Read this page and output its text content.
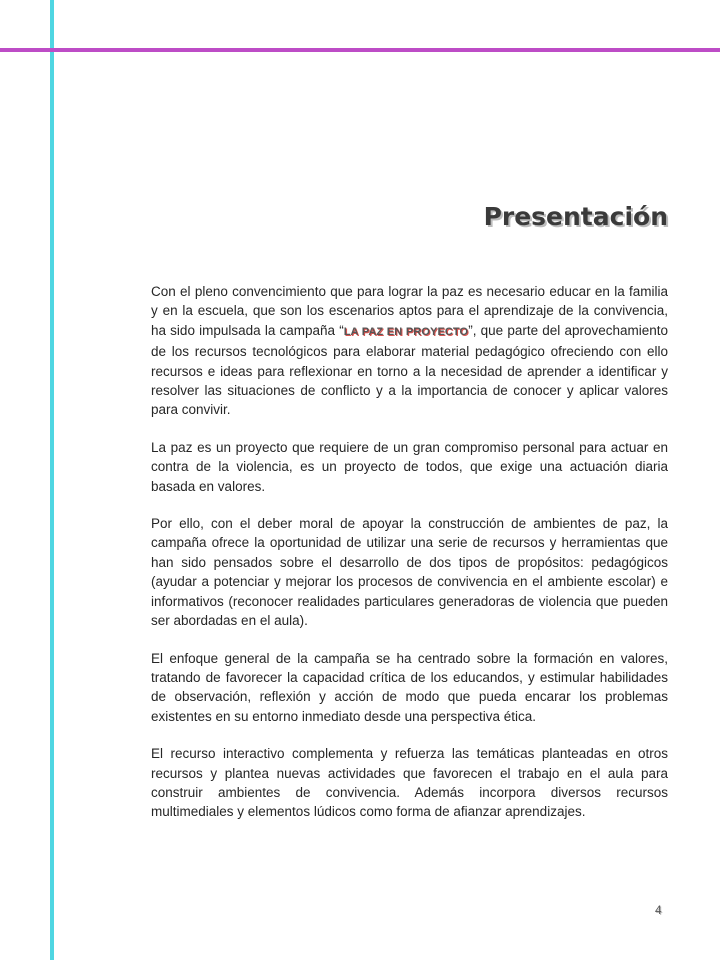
Presentación

Con el pleno convencimiento que para lograr la paz es necesario educar en la familia y en la escuela, que son los escenarios aptos para el aprendizaje de la convivencia, ha sido impulsada la campaña “LA PAZ EN PROYECTO”, que parte del aprovechamiento de los recursos tecnológicos para elaborar material pedagógico ofreciendo con ello recursos e ideas para reflexionar en torno a la necesidad de aprender a identificar y resolver las situaciones de conflicto y a la importancia de conocer y aplicar valores para convivir.

La paz es un proyecto que requiere de un gran compromiso personal para actuar en contra de la violencia, es un proyecto de todos, que exige una actuación diaria basada en valores.

Por ello, con el deber moral de apoyar la construcción de ambientes de paz, la campaña ofrece la oportunidad de utilizar una serie de recursos y herramientas que han sido pensados sobre el desarrollo de dos tipos de propósitos: pedagógicos (ayudar a potenciar y mejorar los procesos de convivencia en el ambiente escolar) e informativos (reconocer realidades particulares generadoras de violencia que pueden ser abordadas en el aula).

El enfoque general de la campaña se ha centrado sobre la formación en valores, tratando de favorecer la capacidad crítica de los educandos, y estimular habilidades de observación, reflexión y acción de modo que pueda encarar los problemas existentes en su entorno inmediato desde una perspectiva ética.

El recurso interactivo complementa y refuerza las temáticas planteadas en otros recursos y plantea nuevas actividades que favorecen el trabajo en el aula para construir ambientes de convivencia. Además incorpora diversos recursos multimediales y elementos lúdicos como forma de afianzar aprendizajes.

4
